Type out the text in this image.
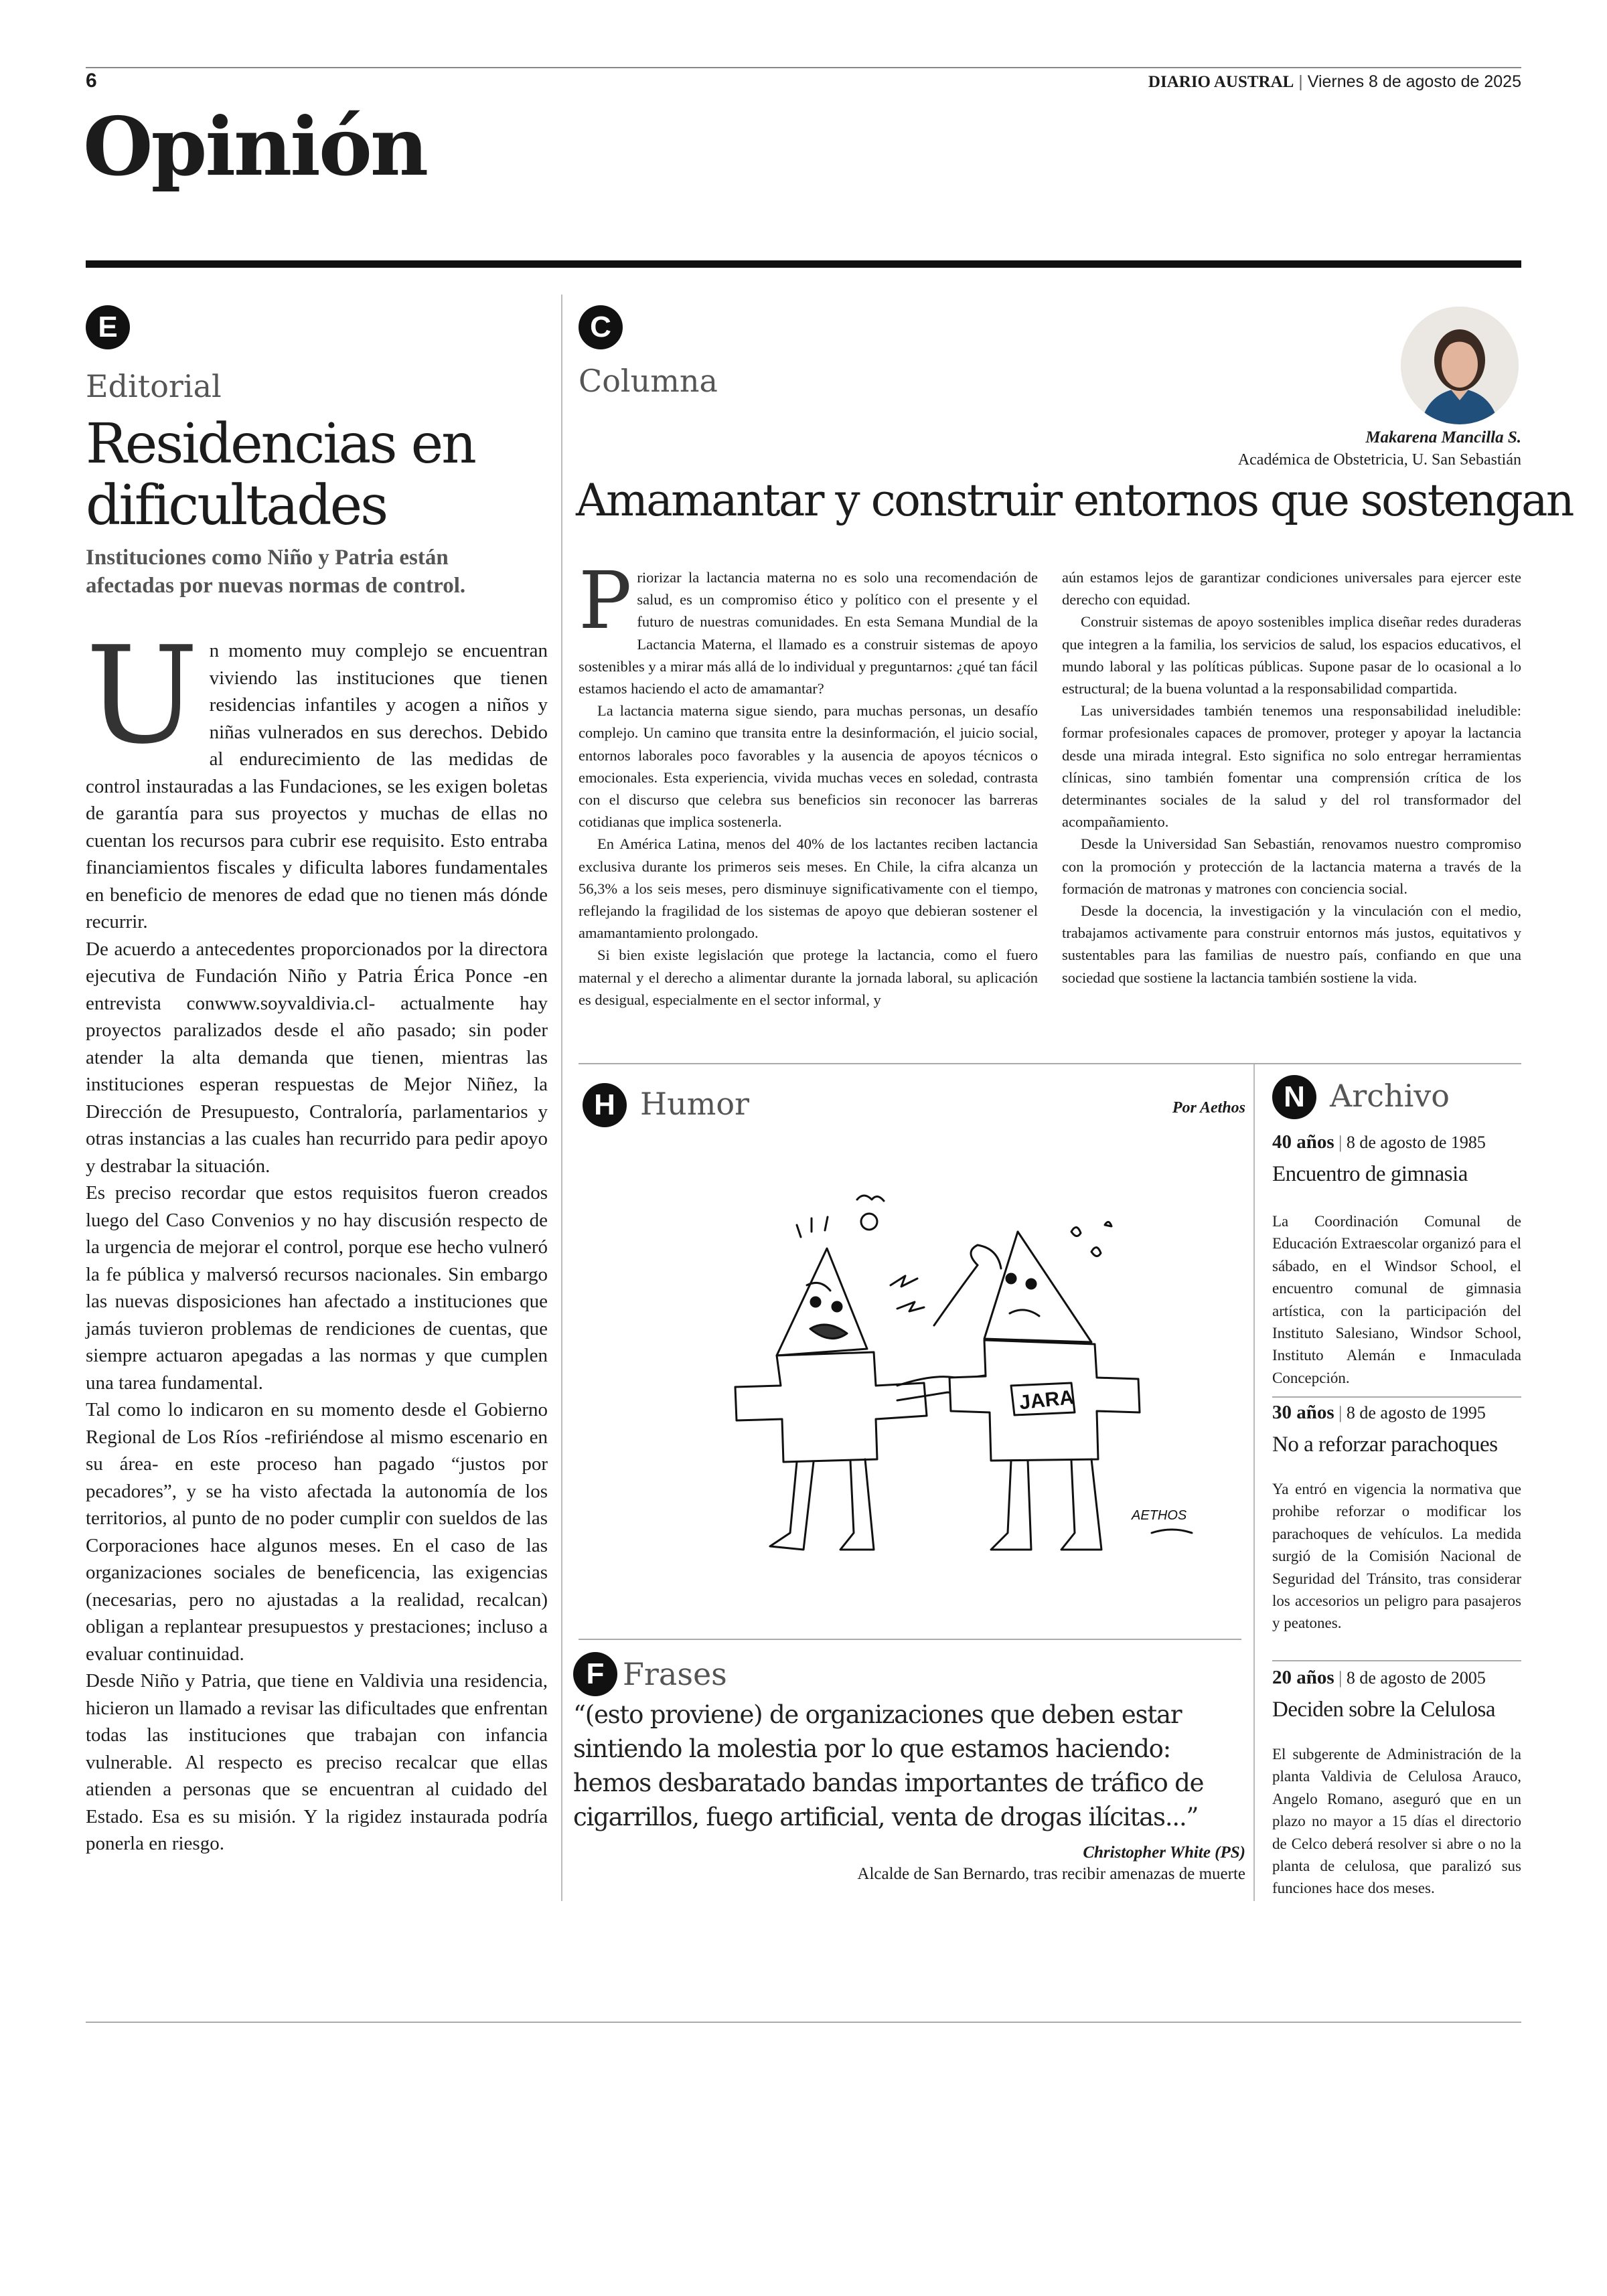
6	DIARIO AUSTRAL | Viernes 8 de agosto de 2025
Opinión
E
Editorial
Residencias en
dificultades
Instituciones como Niño y Patria están afectadas por nuevas normas de control.
U n momento muy complejo se encuentran viviendo las instituciones que tienen residencias infantiles y acogen a niños y niñas vulnerados en sus derechos. Debido al endurecimiento de las medidas de control instauradas a las Fundaciones, se les exigen boletas de garantía para sus proyectos y muchas de ellas no cuentan los recursos para cubrir ese requisito. Esto entraba financiamientos fiscales y dificulta labores fundamentales en beneficio de menores de edad que no tienen más dónde recurrir.

De acuerdo a antecedentes proporcionados por la directora ejecutiva de Fundación Niño y Patria Érica Ponce -en entrevista conwww.soyvaldivia.cl- actualmente hay proyectos paralizados desde el año pasado; sin poder atender la alta demanda que tienen, mientras las instituciones esperan respuestas de Mejor Niñez, la Dirección de Presupuesto, Contraloría, parlamentarios y otras instancias a las cuales han recurrido para pedir apoyo y destrabar la situación.

Es preciso recordar que estos requisitos fueron creados luego del Caso Convenios y no hay discusión respecto de la urgencia de mejorar el control, porque ese hecho vulneró la fe pública y malversó recursos nacionales. Sin embargo las nuevas disposiciones han afectado a instituciones que jamás tuvieron problemas de rendiciones de cuentas, que siempre actuaron apegadas a las normas y que cumplen una tarea fundamental.

Tal como lo indicaron en su momento desde el Gobierno Regional de Los Ríos -refiriéndose al mismo escenario en su área- en este proceso han pagado “justos por pecadores”, y se ha visto afectada la autonomía de los territorios, al punto de no poder cumplir con sueldos de las Corporaciones hace algunos meses. En el caso de las organizaciones sociales de beneficencia, las exigencias (necesarias, pero no ajustadas a la realidad, recalcan) obligan a replantear presupuestos y prestaciones; incluso a evaluar continuidad.

Desde Niño y Patria, que tiene en Valdivia una residencia, hicieron un llamado a revisar las dificultades que enfrentan todas las instituciones que trabajan con infancia vulnerable. Al respecto es preciso recalcar que ellas atienden a personas que se encuentran al cuidado del Estado. Esa es su misión. Y la rigidez instaurada podría ponerla en riesgo.

C
Columna
Makarena Mancilla S.
Académica de Obstetricia, U. San Sebastián
Amamantar y construir entornos que sostengan
P riorizar la lactancia materna no es solo una recomendación de salud, es un compromiso ético y político con el presente y el futuro de nuestras comunidades. En esta Semana Mundial de la Lactancia Materna, el llamado es a construir sistemas de apoyo sostenibles y a mirar más allá de lo individual y preguntarnos: ¿qué tan fácil estamos haciendo el acto de amamantar?

La lactancia materna sigue siendo, para muchas personas, un desafío complejo. Un camino que transita entre la desinformación, el juicio social, entornos laborales poco favorables y la ausencia de apoyos técnicos o emocionales. Esta experiencia, vivida muchas veces en soledad, contrasta con el discurso que celebra sus beneficios sin reconocer las barreras cotidianas que implica sostenerla.

En América Latina, menos del 40% de los lactantes reciben lactancia exclusiva durante los primeros seis meses. En Chile, la cifra alcanza un 56,3% a los seis meses, pero disminuye significativamente con el tiempo, reflejando la fragilidad de los sistemas de apoyo que debieran sostener el amamantamiento prolongado.

Si bien existe legislación que protege la lactancia, como el fuero maternal y el derecho a alimentar durante la jornada laboral, su aplicación es desigual, especialmente en el sector informal, y

aún estamos lejos de garantizar condiciones universales para ejercer este derecho con equidad.

Construir sistemas de apoyo sostenibles implica diseñar redes duraderas que integren a la familia, los servicios de salud, los espacios educativos, el mundo laboral y las políticas públicas. Supone pasar de lo ocasional a lo estructural; de la buena voluntad a la responsabilidad compartida.

Las universidades también tenemos una responsabilidad ineludible: formar profesionales capaces de promover, proteger y apoyar la lactancia desde una mirada integral. Esto significa no solo entregar herramientas clínicas, sino también fomentar una comprensión crítica de los determinantes sociales de la salud y del rol transformador del acompañamiento.

Desde la Universidad San Sebastián, renovamos nuestro compromiso con la promoción y protección de la lactancia materna a través de la formación de matronas y matrones con conciencia social.

Desde la docencia, la investigación y la vinculación con el medio, trabajamos activamente para construir entornos más justos, equitativos y sustentables para las familias de nuestro país, confiando en que una sociedad que sostiene la lactancia también sostiene la vida.

H Humor	Por Aethos
JARA
AETHOS
F Frases
“(esto proviene) de organizaciones que deben estar sintiendo la molestia por lo que estamos haciendo: hemos desbaratado bandas importantes de tráfico de cigarrillos, fuego artificial, venta de drogas ilícitas...”
Christopher White (PS)
Alcalde de San Bernardo, tras recibir amenazas de muerte
N Archivo
40 años | 8 de agosto de 1985
Encuentro de gimnasia
La Coordinación Comunal de Educación Extraescolar organizó para el sábado, en el Windsor School, el encuentro comunal de gimnasia artística, con la participación del Instituto Salesiano, Windsor School, Instituto Alemán e Inmaculada Concepción.
30 años | 8 de agosto de 1995
No a reforzar parachoques
Ya entró en vigencia la normativa que prohibe reforzar o modificar los parachoques de vehículos. La medida surgió de la Comisión Nacional de Seguridad del Tránsito, tras considerar los accesorios un peligro para pasajeros y peatones.
20 años | 8 de agosto de 2005
Deciden sobre la Celulosa
El subgerente de Administración de la planta Valdivia de Celulosa Arauco, Angelo Romano, aseguró que en un plazo no mayor a 15 días el directorio de Celco deberá resolver si abre o no la planta de celulosa, que paralizó sus funciones hace dos meses.
